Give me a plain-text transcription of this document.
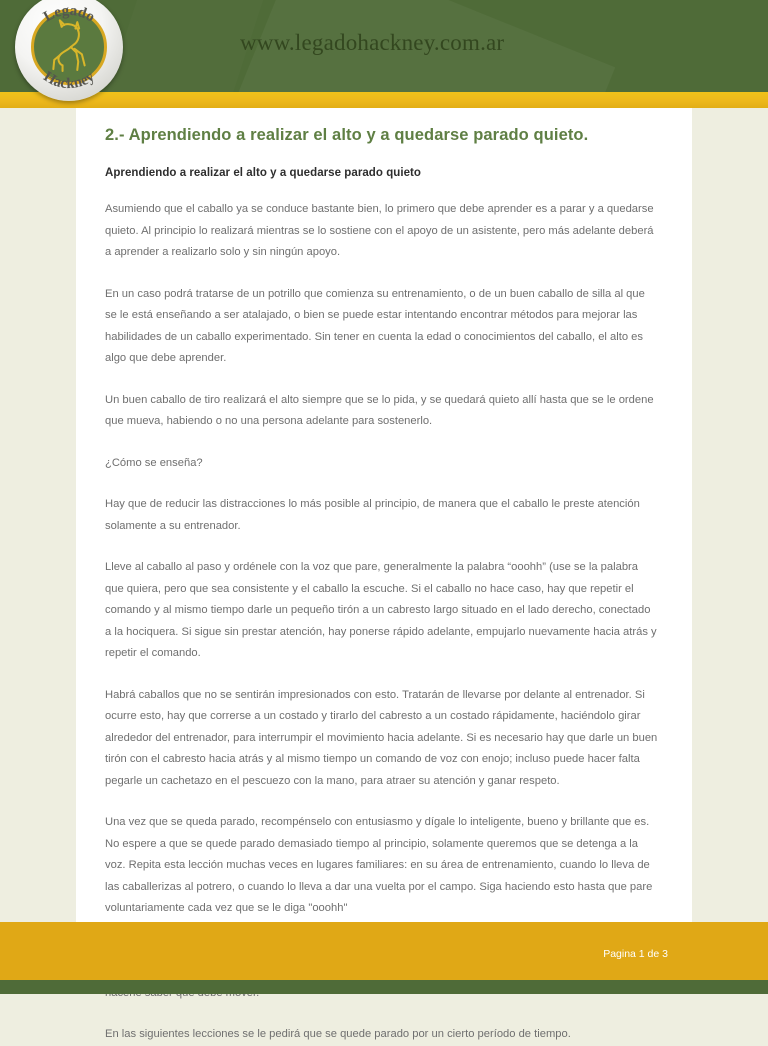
www.legadohackney.com.ar
Legado
Hackney
2.- Aprendiendo a realizar el alto y a quedarse parado quieto.
Aprendiendo a realizar el alto y a quedarse parado quieto

Asumiendo que el caballo ya se conduce bastante bien, lo primero que debe aprender es a parar y a quedarse quieto. Al principio lo realizará mientras se lo sostiene con el apoyo de un asistente, pero más adelante deberá a aprender a realizarlo solo y sin ningún apoyo.

En un caso podrá tratarse de un potrillo que comienza su entrenamiento, o de un buen caballo de silla al que se le está enseñando a ser atalajado, o bien se puede estar intentando encontrar métodos para mejorar las habilidades de un caballo experimentado. Sin tener en cuenta la edad o conocimientos del caballo, el alto es algo que debe aprender.

Un buen caballo de tiro realizará el alto siempre que se lo pida, y se quedará quieto allí hasta que se le ordene que mueva, habiendo o no una persona adelante para sostenerlo.

¿Cómo se enseña?

Hay que de reducir las distracciones lo más posible al principio, de manera que el caballo le preste atención solamente a su entrenador.

Lleve al caballo al paso y ordénele con la voz que pare, generalmente la palabra “ooohh” (use se la palabra que quiera, pero que sea consistente y el caballo la escuche. Si el caballo no hace caso, hay que repetir el comando y al mismo tiempo darle un pequeño tirón a un cabresto largo situado en el lado derecho, conectado a la hociquera. Si sigue sin prestar atención, hay ponerse rápido adelante, empujarlo nuevamente hacia atrás y repetir el comando.

Habrá caballos que no se sentirán impresionados con esto. Tratarán de llevarse por delante al entrenador. Si ocurre esto, hay que correrse a un costado y tirarlo del cabresto a un costado rápidamente, haciéndolo girar alrededor del entrenador, para interrumpir el movimiento hacia adelante. Si es necesario hay que darle un buen tirón con el cabresto hacia atrás y al mismo tiempo un comando de voz con enojo; incluso puede hacer falta pegarle un cachetazo en el pescuezo con la mano, para atraer su atención y ganar respeto.

Una vez que se queda parado, recompénselo con entusiasmo y dígale lo inteligente, bueno y brillante que es. No espere a que se quede parado demasiado tiempo al principio, solamente queremos que se detenga a la voz. Repita esta lección muchas veces en lugares familiares: en su área de entrenamiento, cuando lo lleva de las caballerizas al potrero, o cuando lo lleva a dar una vuelta por el campo. Siga haciendo esto hasta que pare voluntariamente cada vez que se le diga "ooohh"

En las siguientes lecciones se le pedirá que se quede parado por un cierto período de tiempo.

Pagina 1 de 3
